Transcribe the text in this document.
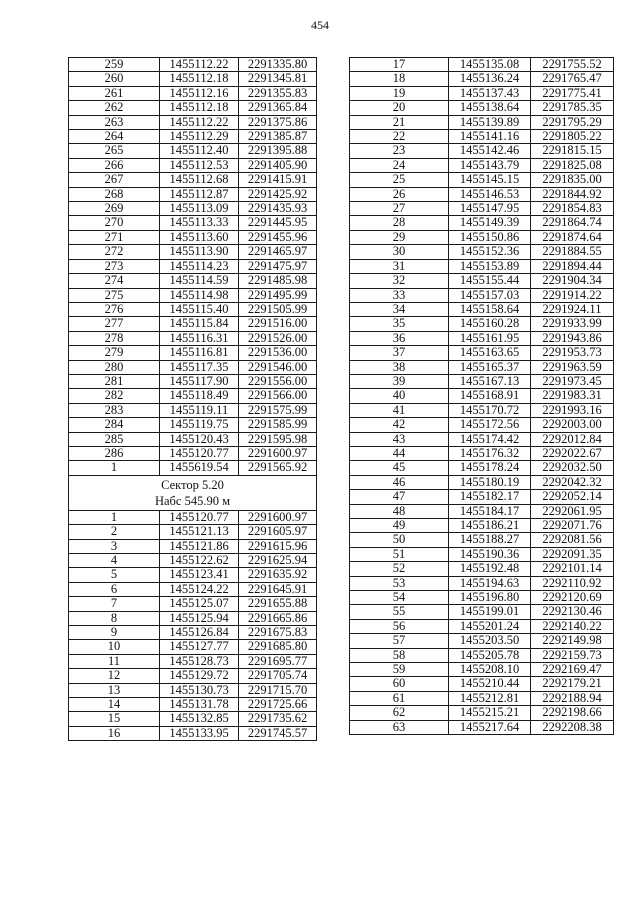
454
259	1455112.22	2291335.80
260	1455112.18	2291345.81
261	1455112.16	2291355.83
262	1455112.18	2291365.84
263	1455112.22	2291375.86
264	1455112.29	2291385.87
265	1455112.40	2291395.88
266	1455112.53	2291405.90
267	1455112.68	2291415.91
268	1455112.87	2291425.92
269	1455113.09	2291435.93
270	1455113.33	2291445.95
271	1455113.60	2291455.96
272	1455113.90	2291465.97
273	1455114.23	2291475.97
274	1455114.59	2291485.98
275	1455114.98	2291495.99
276	1455115.40	2291505.99
277	1455115.84	2291516.00
278	1455116.31	2291526.00
279	1455116.81	2291536.00
280	1455117.35	2291546.00
281	1455117.90	2291556.00
282	1455118.49	2291566.00
283	1455119.11	2291575.99
284	1455119.75	2291585.99
285	1455120.43	2291595.98
286	1455120.77	2291600.97
1	1455619.54	2291565.92

Сектор 5.20
Набс 545.90 м		

1	1455120.77	2291600.97
2	1455121.13	2291605.97
3	1455121.86	2291615.96
4	1455122.62	2291625.94
5	1455123.41	2291635.92
6	1455124.22	2291645.91
7	1455125.07	2291655.88
8	1455125.94	2291665.86
9	1455126.84	2291675.83
10	1455127.77	2291685.80
11	1455128.73	2291695.77
12	1455129.72	2291705.74
13	1455130.73	2291715.70
14	1455131.78	2291725.66
15	1455132.85	2291735.62
16	1455133.95	2291745.57
17	1455135.08	2291755.52
18	1455136.24	2291765.47
19	1455137.43	2291775.41
20	1455138.64	2291785.35
21	1455139.89	2291795.29
22	1455141.16	2291805.22
23	1455142.46	2291815.15
24	1455143.79	2291825.08
25	1455145.15	2291835.00
26	1455146.53	2291844.92
27	1455147.95	2291854.83
28	1455149.39	2291864.74
29	1455150.86	2291874.64
30	1455152.36	2291884.55
31	1455153.89	2291894.44
32	1455155.44	2291904.34
33	1455157.03	2291914.22
34	1455158.64	2291924.11
35	1455160.28	2291933.99
36	1455161.95	2291943.86
37	1455163.65	2291953.73
38	1455165.37	2291963.59
39	1455167.13	2291973.45
40	1455168.91	2291983.31
41	1455170.72	2291993.16
42	1455172.56	2292003.00
43	1455174.42	2292012.84
44	1455176.32	2292022.67
45	1455178.24	2292032.50
46	1455180.19	2292042.32
47	1455182.17	2292052.14
48	1455184.17	2292061.95
49	1455186.21	2292071.76
50	1455188.27	2292081.56
51	1455190.36	2292091.35
52	1455192.48	2292101.14
53	1455194.63	2292110.92
54	1455196.80	2292120.69
55	1455199.01	2292130.46
56	1455201.24	2292140.22
57	1455203.50	2292149.98
58	1455205.78	2292159.73
59	1455208.10	2292169.47
60	1455210.44	2292179.21
61	1455212.81	2292188.94
62	1455215.21	2292198.66
63	1455217.64	2292208.38
